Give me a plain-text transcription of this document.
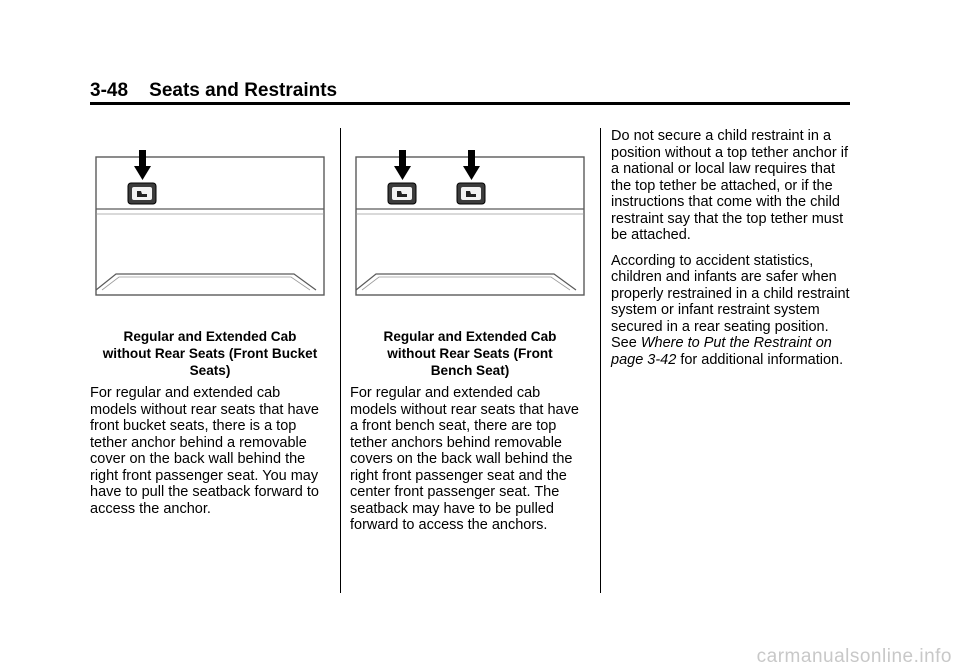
3-48 Seats and Restraints
Regular and Extended Cab
without Rear Seats (Front Bucket
Seats)
Regular and Extended Cab
without Rear Seats (Front
Bench Seat)

For regular and extended cab models without rear seats that have front bucket seats, there is a top tether anchor behind a removable cover on the back wall behind the right front passenger seat. You may have to pull the seatback forward to access the anchor.

For regular and extended cab models without rear seats that have a front bench seat, there are top tether anchors behind removable covers on the back wall behind the right front passenger seat and the center front passenger seat. The seatback may have to be pulled forward to access the anchors.

Do not secure a child restraint in a position without a top tether anchor if a national or local law requires that the top tether be attached, or if the instructions that come with the child restraint say that the top tether must be attached.

According to accident statistics, children and infants are safer when properly restrained in a child restraint system or infant restraint system secured in a rear seating position. See Where to Put the Restraint on page 3-42 for additional information.

carmanualsonline.info
